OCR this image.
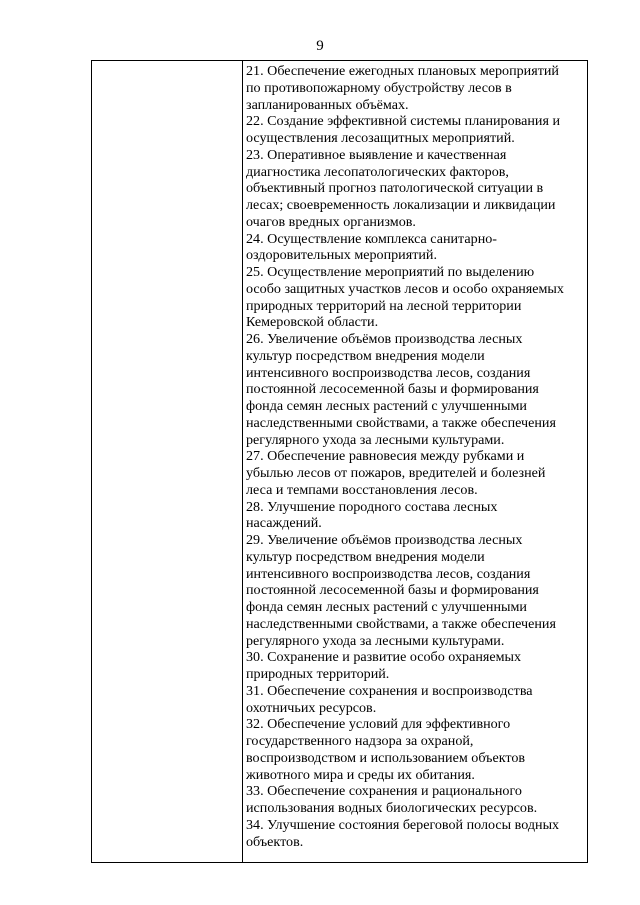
9

21. Обеспечение ежегодных плановых мероприятий
по противопожарному обустройству лесов в
запланированных объёмах.
22. Создание эффективной системы планирования и
осуществления лесозащитных мероприятий.
23. Оперативное выявление и качественная
диагностика лесопатологических факторов,
объективный прогноз патологической ситуации в
лесах; своевременность локализации и ликвидации
очагов вредных организмов.
24. Осуществление комплекса санитарно-
оздоровительных мероприятий.
25. Осуществление мероприятий по выделению
особо защитных участков лесов и особо охраняемых
природных территорий на лесной территории
Кемеровской области.
26. Увеличение объёмов производства лесных
культур посредством внедрения модели
интенсивного воспроизводства лесов, создания
постоянной лесосеменной базы и формирования
фонда семян лесных растений с улучшенными
наследственными свойствами, а также обеспечения
регулярного ухода за лесными культурами.
27. Обеспечение равновесия между рубками и
убылью лесов от пожаров, вредителей и болезней
леса и темпами восстановления лесов.
28. Улучшение породного состава лесных
насаждений.
29. Увеличение объёмов производства лесных
культур посредством внедрения модели
интенсивного воспроизводства лесов, создания
постоянной лесосеменной базы и формирования
фонда семян лесных растений с улучшенными
наследственными свойствами, а также обеспечения
регулярного ухода за лесными культурами.
30. Сохранение и развитие особо охраняемых
природных территорий.
31. Обеспечение сохранения и воспроизводства
охотничьих ресурсов.
32. Обеспечение условий для эффективного
государственного надзора за охраной,
воспроизводством и использованием объектов
животного мира и среды их обитания.
33. Обеспечение сохранения и рационального
использования водных биологических ресурсов.
34. Улучшение состояния береговой полосы водных
объектов.
